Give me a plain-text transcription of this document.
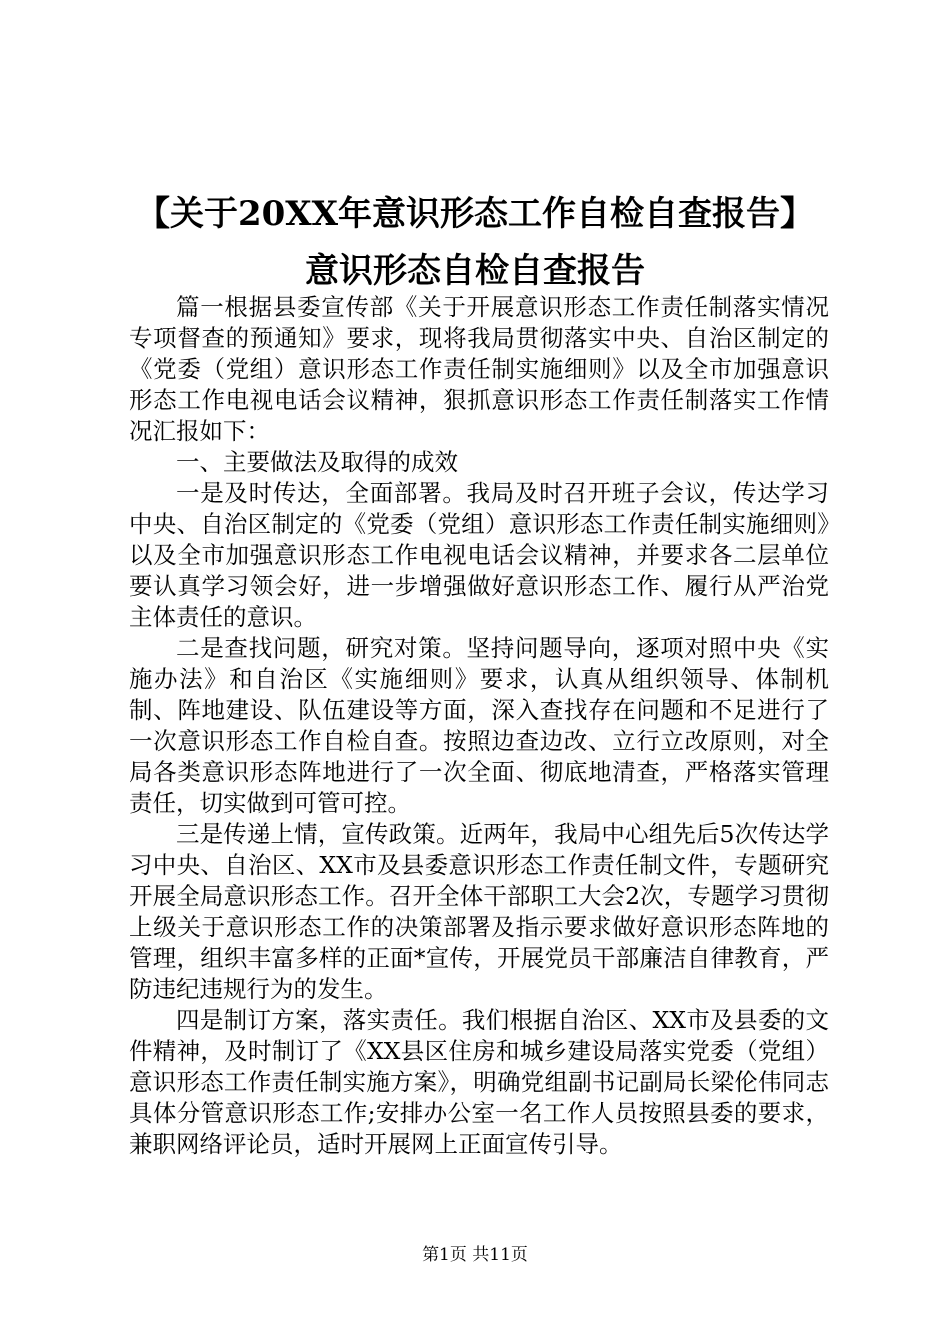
【关于20XX年意识形态工作自检自查报告】
意识形态自检自查报告

篇一根据县委宣传部《关于开展意识形态工作责任制落实情况专项督查的预通知》要求，现将我局贯彻落实中央、自治区制定的《党委（党组）意识形态工作责任制实施细则》以及全市加强意识形态工作电视电话会议精神，狠抓意识形态工作责任制落实工作情况汇报如下：

一、主要做法及取得的成效

一是及时传达，全面部署。我局及时召开班子会议，传达学习中央、自治区制定的《党委（党组）意识形态工作责任制实施细则》以及全市加强意识形态工作电视电话会议精神，并要求各二层单位要认真学习领会好，进一步增强做好意识形态工作、履行从严治党主体责任的意识。

二是查找问题，研究对策。坚持问题导向，逐项对照中央《实施办法》和自治区《实施细则》要求，认真从组织领导、体制机制、阵地建设、队伍建设等方面，深入查找存在问题和不足进行了一次意识形态工作自检自查。按照边查边改、立行立改原则，对全局各类意识形态阵地进行了一次全面、彻底地清查，严格落实管理责任，切实做到可管可控。

三是传递上情，宣传政策。近两年，我局中心组先后5次传达学习中央、自治区、XX市及县委意识形态工作责任制文件，专题研究开展全局意识形态工作。召开全体干部职工大会2次，专题学习贯彻上级关于意识形态工作的决策部署及指示要求做好意识形态阵地的管理，组织丰富多样的正面*宣传，开展党员干部廉洁自律教育，严防违纪违规行为的发生。

四是制订方案，落实责任。我们根据自治区、XX市及县委的文件精神，及时制订了《XX县区住房和城乡建设局落实党委（党组）意识形态工作责任制实施方案》，明确党组副书记副局长梁伦伟同志具体分管意识形态工作;安排办公室一名工作人员按照县委的要求，兼职网络评论员，适时开展网上正面宣传引导。

第1页 共11页
